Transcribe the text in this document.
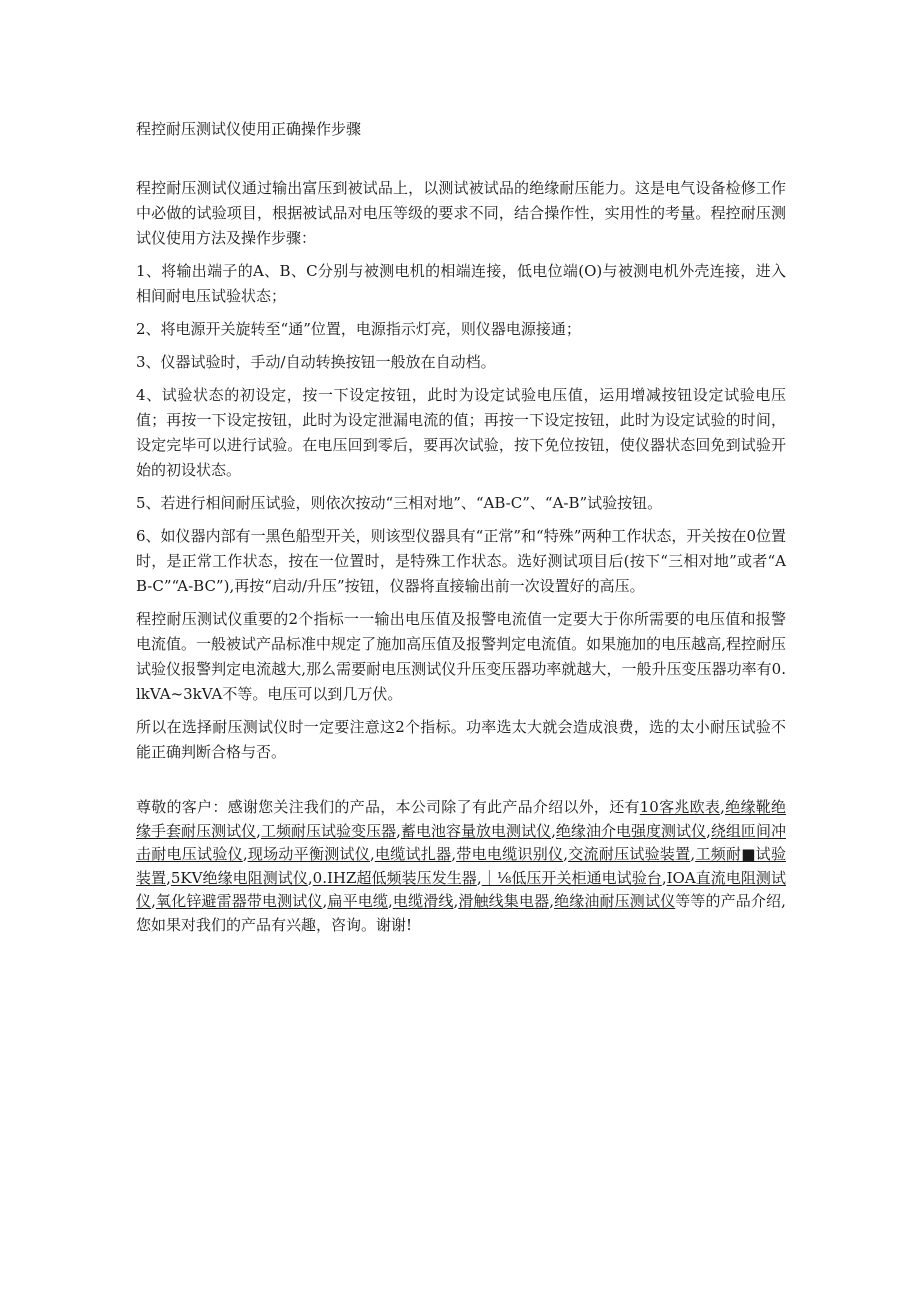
程控耐压测试仪使用正确操作步骤

程控耐压测试仪通过输出富压到被试品上，以测试被试品的绝缘耐压能力。这是电气设备检修工作中必做的试验项目，根据被试品对电压等级的要求不同，结合操作性，实用性的考量。程控耐压测试仪使用方法及操作步骤：

1、将输出端子的A、B、C分别与被测电机的相端连接，低电位端(O)与被测电机外壳连接，进入相间耐电压试验状态；

2、将电源开关旋转至“通”位置，电源指示灯亮，则仪器电源接通；

3、仪器试验时，手动/自动转换按钮一般放在自动档。

4、试验状态的初设定，按一下设定按钮，此时为设定试验电压值，运用增减按钮设定试验电压值；再按一下设定按钮，此时为设定泄漏电流的值；再按一下设定按钮，此时为设定试验的时间，设定完毕可以进行试验。在电压回到零后，要再次试验，按下免位按钮，使仪器状态回免到试验开始的初设状态。

5、若进行相间耐压试验，则依次按动“三相对地”、“AB-C”、“A-B”试验按钮。

6、如仪器内部有一黑色船型开关，则该型仪器具有“正常”和“特殊”两种工作状态，开关按在0位置时，是正常工作状态，按在一位置时，是特殊工作状态。选好测试项目后(按下“三相对地”或者“AB-C”“A-BC”),再按“启动/升压”按钮，仪器将直接输出前一次设置好的高压。

程控耐压测试仪重要的2个指标一一输出电压值及报警电流值一定要大于你所需要的电压值和报警电流值。一般被试产品标准中规定了施加高压值及报警判定电流值。如果施加的电压越高,程控耐压试验仪报警判定电流越大,那么需要耐电压测试仪升压变压器功率就越大，一般升压变压器功率有0.lkVA~3kVA不等。电压可以到几万伏。

所以在选择耐压测试仪时一定要注意这2个指标。功率选太大就会造成浪费，选的太小耐压试验不能正确判断合格与否。

尊敬的客户：感谢您关注我们的产品，本公司除了有此产品介绍以外，还有10客兆欧表,绝缘靴绝缘手套耐压测试仪,工频耐压试验变压器,蓄电池容量放电测试仪,绝缘油介电强度测试仪,绕组匝间冲击耐电压试验仪,现场动平衡测试仪,电缆试扎器,带电电缆识别仪,交流耐压试验装置,工频耐■试验装置,5KV绝缘电阻测试仪,0.IHZ超低频装压发生器,｜⅛低压开关柜通电试验台,IOA直流电阻测试仪,氧化锌避雷器带电测试仪,扁平电缆,电缆滑线,滑触线集电器,绝缘油耐压测试仪等等的产品介绍,您如果对我们的产品有兴趣，咨询。谢谢!
